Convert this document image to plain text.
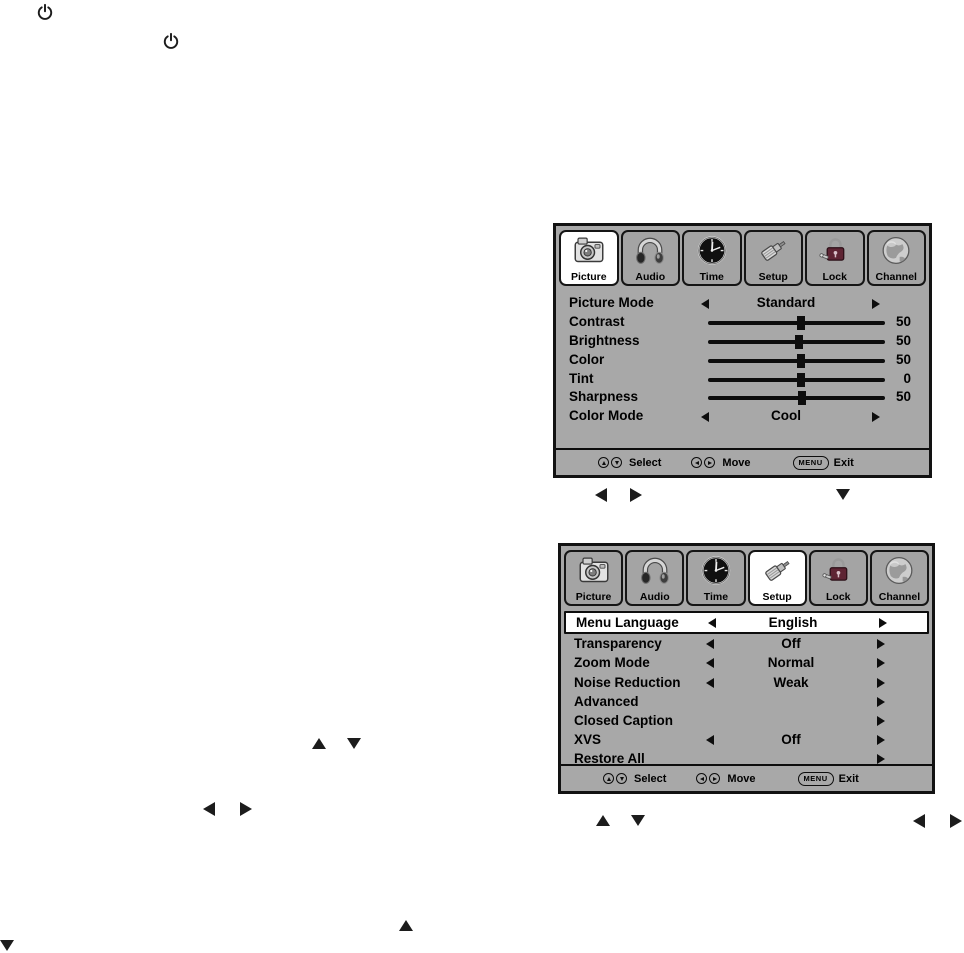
Picture	Audio	Time	Setup	Lock	Channel
Picture Mode	Standard
Contrast	50
Brightness	50
Color	50
Tint	0
Sharpness	50
Color Mode	Cool
Select	Move	MENU	Exit
Picture	Audio	Time	Setup	Lock	Channel
Menu Language	English
Transparency	Off
Zoom Mode	Normal
Noise Reduction	Weak
Advanced
Closed Caption
XVS	Off
Restore All
Select	Move	MENU	Exit
